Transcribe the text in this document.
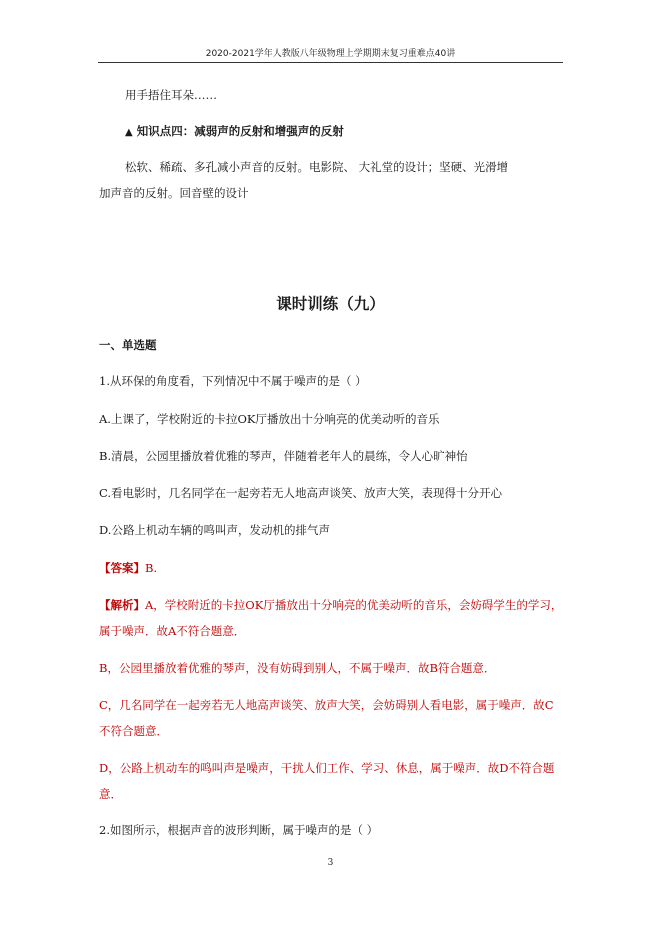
2020-2021学年人教版八年级物理上学期期末复习重难点40讲
用手捂住耳朵……
▲ 知识点四：减弱声的反射和增强声的反射
松软、稀疏、多孔减小声音的反射。电影院、 大礼堂的设计；坚硬、光滑增
加声音的反射。回音壁的设计
课时训练（九）
一、单选题
1.从环保的角度看，下列情况中不属于噪声的是（ ）
A.上课了，学校附近的卡拉OK厅播放出十分响亮的优美动听的音乐
B.清晨，公园里播放着优雅的琴声，伴随着老年人的晨练，令人心旷神怡
C.看电影时，几名同学在一起旁若无人地高声谈笑、放声大笑，表现得十分开心
D.公路上机动车辆的鸣叫声，发动机的排气声
【答案】B.
【解析】A，学校附近的卡拉OK厅播放出十分响亮的优美动听的音乐，会妨碍学生的学习，
属于噪声．故A不符合题意．
B，公园里播放着优雅的琴声，没有妨碍到别人，不属于噪声．故B符合题意．
C，几名同学在一起旁若无人地高声谈笑、放声大笑，会妨碍别人看电影，属于噪声．故C
不符合题意．
D，公路上机动车的鸣叫声是噪声，干扰人们工作、学习、休息，属于噪声．故D不符合题
意．
2.如图所示，根据声音的波形判断，属于噪声的是（ ）
3
